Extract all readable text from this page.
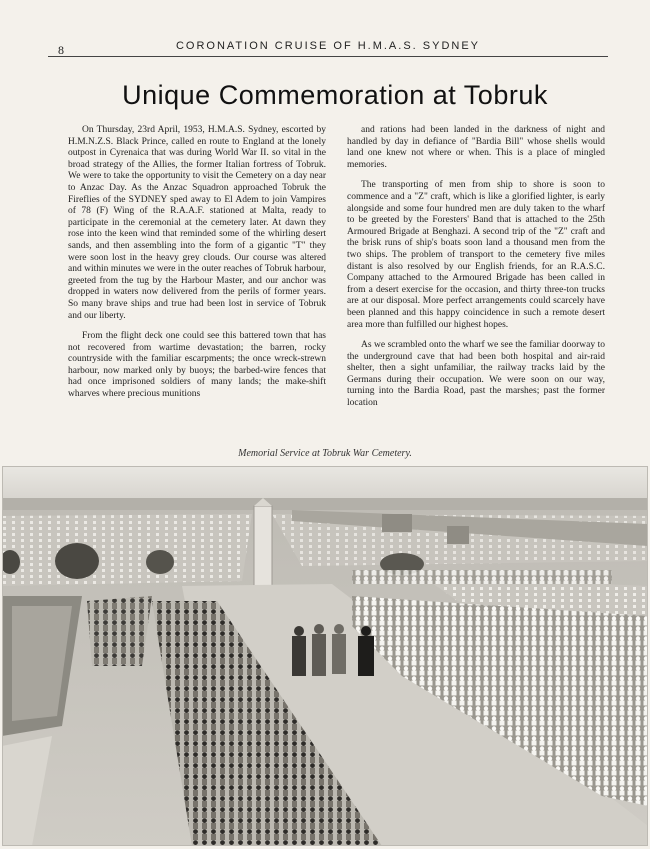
8	CORONATION CRUISE OF H.M.A.S. SYDNEY
Unique Commemoration at Tobruk

On Thursday, 23rd April, 1953, H.M.A.S. Sydney, escorted by H.M.N.Z.S. Black Prince, called en route to England at the lonely outpost in Cyrenaica that was during World War II. so vital in the broad strategy of the Allies, the former Italian fortress of Tobruk. We were to take the opportunity to visit the Cemetery on a day near to Anzac Day. As the Anzac Squadron approached Tobruk the Fireflies of the SYDNEY sped away to El Adem to join Vampires of 78 (F) Wing of the R.A.A.F. stationed at Malta, ready to participate in the ceremonial at the cemetery later. At dawn they rose into the keen wind that reminded some of the whirling desert sands, and then assembling into the form of a gigantic "T" they were soon lost in the heavy grey clouds. Our course was altered and within minutes we were in the outer reaches of Tobruk harbour, greeted from the tug by the Harbour Master, and our anchor was dropped in waters now delivered from the perils of former years. So many brave ships and true had been lost in service of Tobruk and our liberty.

From the flight deck one could see this battered town that has not recovered from wartime devastation; the barren, rocky countryside with the familiar escarpments; the once wreck-strewn harbour, now marked only by buoys; the barbed-wire fences that had once imprisoned soldiers of many lands; the make-shift wharves where precious munitions

and rations had been landed in the darkness of night and handled by day in defiance of "Bardia Bill" whose shells would land one knew not where or when. This is a place of mingled memories.

The transporting of men from ship to shore is soon to commence and a "Z" craft, which is like a glorified lighter, is early alongside and some four hundred men are duly taken to the wharf to be greeted by the Foresters' Band that is attached to the 25th Armoured Brigade at Benghazi. A second trip of the "Z" craft and the brisk runs of ship's boats soon land a thousand men from the two ships. The problem of transport to the cemetery five miles distant is also resolved by our English friends, for an R.A.S.C. Company attached to the Armoured Brigade has been called in from a desert exercise for the occasion, and thirty three-ton trucks are at our disposal. More perfect arrangements could scarcely have been planned and this happy coincidence in such a remote desert area more than fulfilled our highest hopes.

As we scrambled onto the wharf we see the familiar doorway to the underground cave that had been both hospital and air-raid shelter, then a sight unfamiliar, the railway tracks laid by the Germans during their occupation. We were soon on our way, turning into the Bardia Road, past the marshes; past the former location

Memorial Service at Tobruk War Cemetery.
